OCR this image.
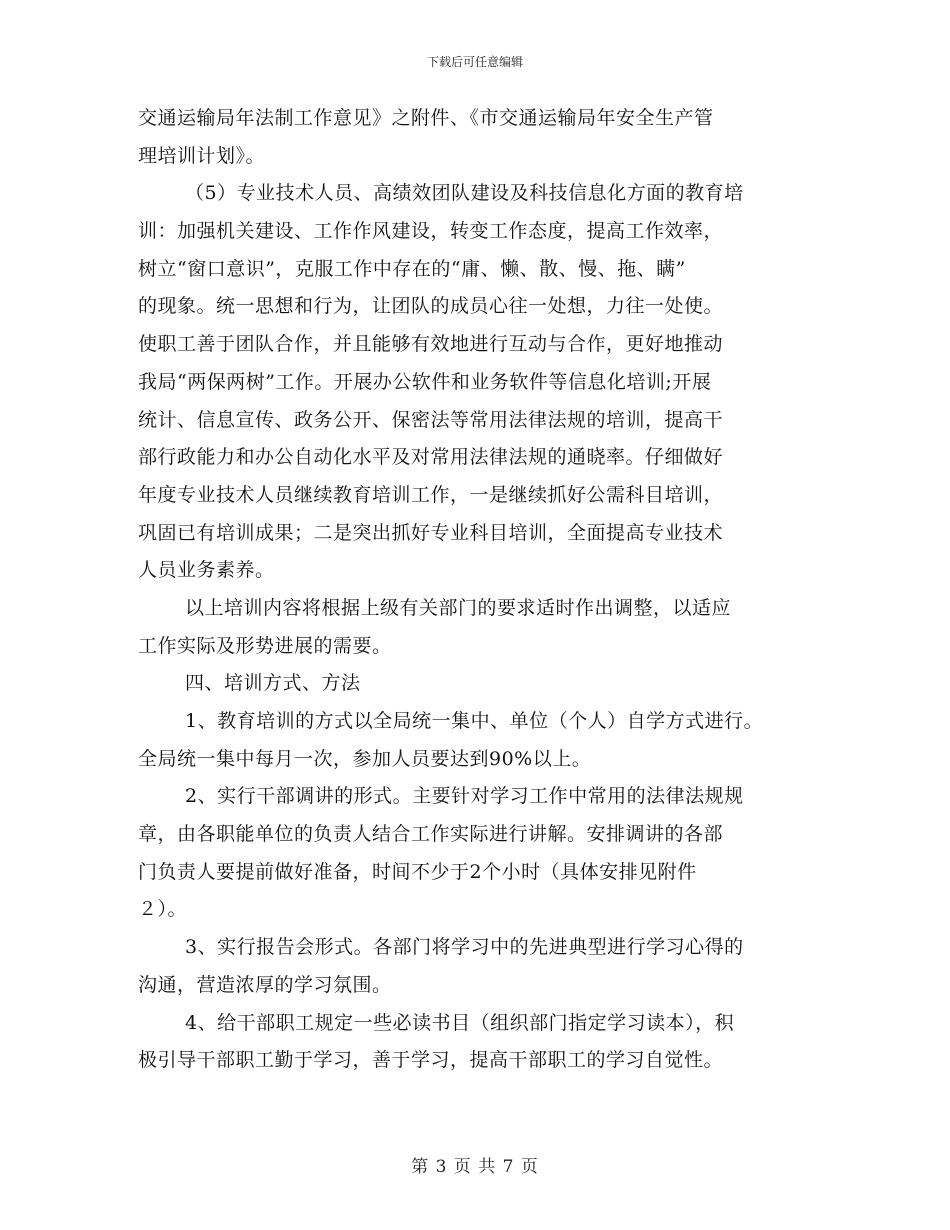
下载后可任意编辑
交通运输局年法制工作意见》之附件、《市交通运输局年安全生产管
理培训计划》。
（5）专业技术人员、高绩效团队建设及科技信息化方面的教育培
训：加强机关建设、工作作风建设，转变工作态度，提高工作效率，
树立“窗口意识”，克服工作中存在的“庸、懒、散、慢、拖、瞒”
的现象。统一思想和行为，让团队的成员心往一处想，力往一处使。
使职工善于团队合作，并且能够有效地进行互动与合作，更好地推动
我局“两保两树”工作。开展办公软件和业务软件等信息化培训;开展
统计、信息宣传、政务公开、保密法等常用法律法规的培训，提高干
部行政能力和办公自动化水平及对常用法律法规的通晓率。仔细做好
年度专业技术人员继续教育培训工作，一是继续抓好公需科目培训，
巩固已有培训成果；二是突出抓好专业科目培训，全面提高专业技术
人员业务素养。
以上培训内容将根据上级有关部门的要求适时作出调整，以适应
工作实际及形势进展的需要。
四、培训方式、方法
1、教育培训的方式以全局统一集中、单位（个人）自学方式进行。
全局统一集中每月一次，参加人员要达到90%以上。
2、实行干部调讲的形式。主要针对学习工作中常用的法律法规规
章，由各职能单位的负责人结合工作实际进行讲解。安排调讲的各部
门负责人要提前做好准备，时间不少于2个小时（具体安排见附件
２）。
3、实行报告会形式。各部门将学习中的先进典型进行学习心得的
沟通，营造浓厚的学习氛围。
4、给干部职工规定一些必读书目（组织部门指定学习读本），积
极引导干部职工勤于学习，善于学习，提高干部职工的学习自觉性。
第 3 页 共 7 页
